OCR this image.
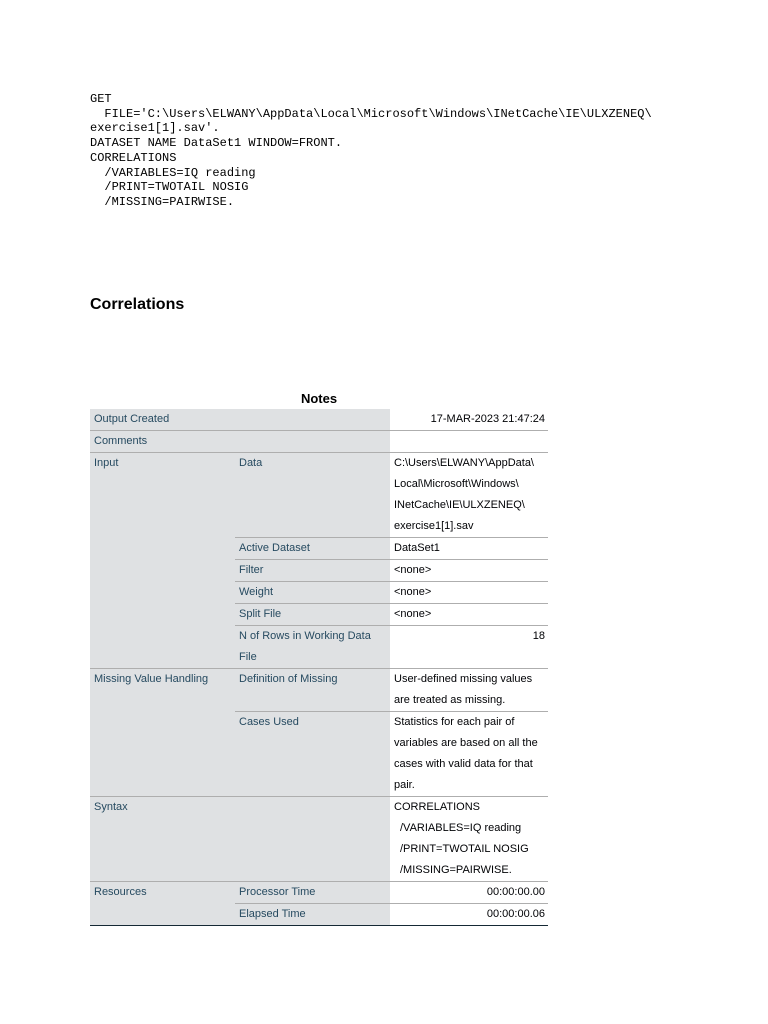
GET
FILE='C:\Users\ELWANY\AppData\Local\Microsoft\Windows\INetCache\IE\ULXZENEQ\
exercise1[1].sav'.
DATASET NAME DataSet1 WINDOW=FRONT.
CORRELATIONS
/VARIABLES=IQ reading
/PRINT=TWOTAIL NOSIG
/MISSING=PAIRWISE.
Correlations
Notes
Output Created		17-MAR-2023 21:47:24
Comments		
Input	Data	C:\Users\ELWANY\AppData\ Local\Microsoft\Windows\ INetCache\IE\ULXZENEQ\ exercise1[1].sav
	Active Dataset	DataSet1
	Filter	<none>
	Weight	<none>
	Split File	<none>
	N of Rows in Working Data File	18
Missing Value Handling	Definition of Missing	User-defined missing values are treated as missing.
	Cases Used	Statistics for each pair of variables are based on all the cases with valid data for that pair.
Syntax		CORRELATIONS
/VARIABLES=IQ reading
/PRINT=TWOTAIL NOSIG
/MISSING=PAIRWISE.

Resources	Processor Time	00:00:00.00
	Elapsed Time	00:00:00.06
